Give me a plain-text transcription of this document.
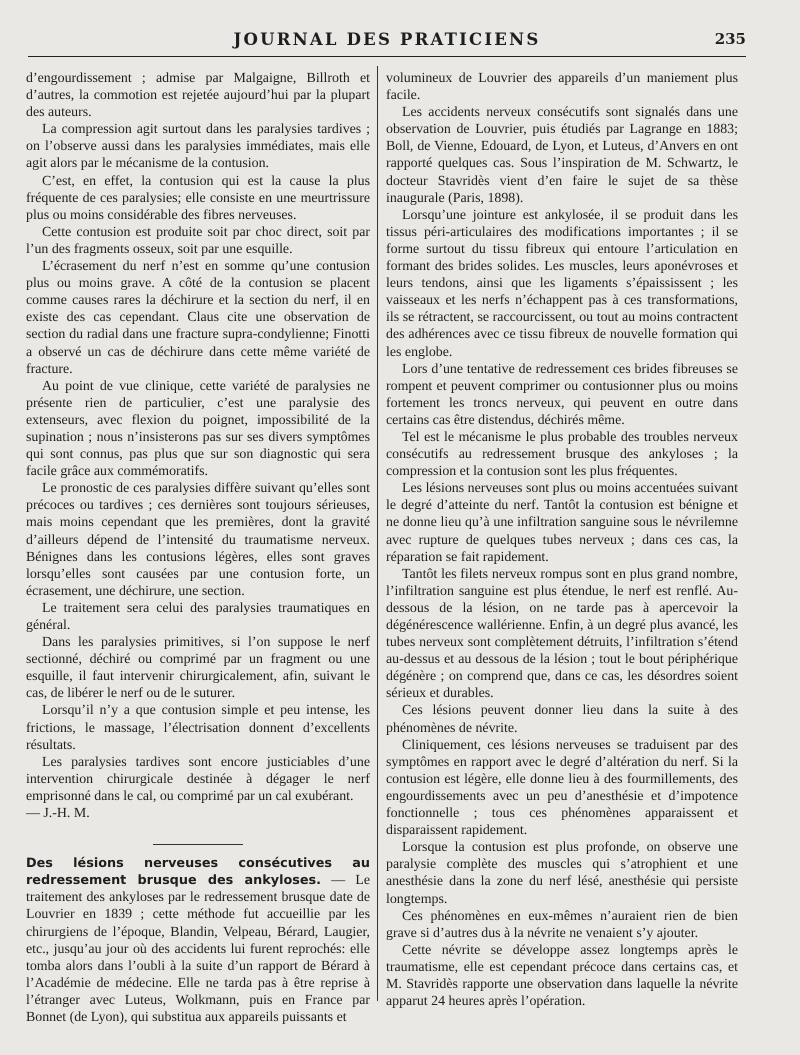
JOURNAL DES PRATICIENS	235

d’engourdissement ; admise par Malgaigne, Billroth et d’autres, la commotion est rejetée aujourd’hui par la plupart des auteurs.

La compression agit surtout dans les paralysies tardives ; on l’observe aussi dans les paralysies immédiates, mais elle agit alors par le mécanisme de la contusion.

C’est, en effet, la contusion qui est la cause la plus fréquente de ces paralysies; elle consiste en une meurtrissure plus ou moins considérable des fibres nerveuses.

Cette contusion est produite soit par choc direct, soit par l’un des fragments osseux, soit par une esquille.

L’écrasement du nerf n’est en somme qu’une contusion plus ou moins grave. A côté de la contusion se placent comme causes rares la déchirure et la section du nerf, il en existe des cas cependant. Claus cite une observation de section du radial dans une fracture supra-condylienne; Finotti a observé un cas de déchirure dans cette même variété de fracture.

Au point de vue clinique, cette variété de paralysies ne présente rien de particulier, c’est une paralysie des extenseurs, avec flexion du poignet, impossibilité de la supination ; nous n’insisterons pas sur ses divers symptômes qui sont connus, pas plus que sur son diagnostic qui sera facile grâce aux commémoratifs.

Le pronostic de ces paralysies diffère suivant qu’elles sont précoces ou tardives ; ces dernières sont toujours sérieuses, mais moins cependant que les premières, dont la gravité d’ailleurs dépend de l’intensité du traumatisme nerveux. Bénignes dans les contusions légères, elles sont graves lorsqu’elles sont causées par une contusion forte, un écrasement, une déchirure, une section.

Le traitement sera celui des paralysies traumatiques en général.

Dans les paralysies primitives, si l’on suppose le nerf sectionné, déchiré ou comprimé par un fragment ou une esquille, il faut intervenir chirurgicalement, afin, suivant le cas, de libérer le nerf ou de le suturer.

Lorsqu’il n’y a que contusion simple et peu intense, les frictions, le massage, l’électrisation donnent d’excellents résultats.

Les paralysies tardives sont encore justiciables d’une intervention chirurgicale destinée à dégager le nerf emprisonné dans le cal, ou comprimé par un cal exubérant.

— J.-H. M.

Des lésions nerveuses consécutives au redressement brusque des ankyloses. — Le traitement des ankyloses par le redressement brusque date de Louvrier en 1839 ; cette méthode fut accueillie par les chirurgiens de l’époque, Blandin, Velpeau, Bérard, Laugier, etc., jusqu’au jour où des accidents lui furent reprochés: elle tomba alors dans l’oubli à la suite d’un rapport de Bérard à l’Académie de médecine. Elle ne tarda pas à être reprise à l’étranger avec Luteus, Wolkmann, puis en France par Bonnet (de Lyon), qui substitua aux appareils puissants et

volumineux de Louvrier des appareils d’un maniement plus facile.

Les accidents nerveux consécutifs sont signalés dans une observation de Louvrier, puis étudiés par Lagrange en 1883; Boll, de Vienne, Edouard, de Lyon, et Luteus, d’Anvers en ont rapporté quelques cas. Sous l’inspiration de M. Schwartz, le docteur Stavridès vient d’en faire le sujet de sa thèse inaugurale (Paris, 1898).

Lorsqu’une jointure est ankylosée, il se produit dans les tissus péri-articulaires des modifications importantes ; il se forme surtout du tissu fibreux qui entoure l’articulation en formant des brides solides. Les muscles, leurs aponévroses et leurs tendons, ainsi que les ligaments s’épaississent ; les vaisseaux et les nerfs n’échappent pas à ces transformations, ils se rétractent, se raccourcissent, ou tout au moins contractent des adhérences avec ce tissu fibreux de nouvelle formation qui les englobe.

Lors d’une tentative de redressement ces brides fibreuses se rompent et peuvent comprimer ou contusionner plus ou moins fortement les troncs nerveux, qui peuvent en outre dans certains cas être distendus, déchirés même.

Tel est le mécanisme le plus probable des troubles nerveux consécutifs au redressement brusque des ankyloses ; la compression et la contusion sont les plus fréquentes.

Les lésions nerveuses sont plus ou moins accentuées suivant le degré d’atteinte du nerf. Tantôt la contusion est bénigne et ne donne lieu qu’à une infiltration sanguine sous le névrilemne avec rupture de quelques tubes nerveux ; dans ces cas, la réparation se fait rapidement.

Tantôt les filets nerveux rompus sont en plus grand nombre, l’infiltration sanguine est plus étendue, le nerf est renflé. Au-dessous de la lésion, on ne tarde pas à apercevoir la dégénérescence wallérienne. Enfin, à un degré plus avancé, les tubes nerveux sont complètement détruits, l’infiltration s’étend au-dessus et au dessous de la lésion ; tout le bout périphérique dégénère ; on comprend que, dans ce cas, les désordres soient sérieux et durables.

Ces lésions peuvent donner lieu dans la suite à des phénomènes de névrite.

Cliniquement, ces lésions nerveuses se traduisent par des symptômes en rapport avec le degré d’altération du nerf. Si la contusion est légère, elle donne lieu à des fourmillements, des engourdissements avec un peu d’anesthésie et d’impotence fonctionnelle ; tous ces phénomènes apparaissent et disparaissent rapidement.

Lorsque la contusion est plus profonde, on observe une paralysie complète des muscles qui s’atrophient et une anesthésie dans la zone du nerf lésé, anesthésie qui persiste longtemps.

Ces phénomènes en eux-mêmes n’auraient rien de bien grave si d’autres dus à la névrite ne venaient s’y ajouter.

Cette névrite se développe assez longtemps après le traumatisme, elle est cependant précoce dans certains cas, et M. Stavridès rapporte une observation dans laquelle la névrite apparut 24 heures après l’opération.
